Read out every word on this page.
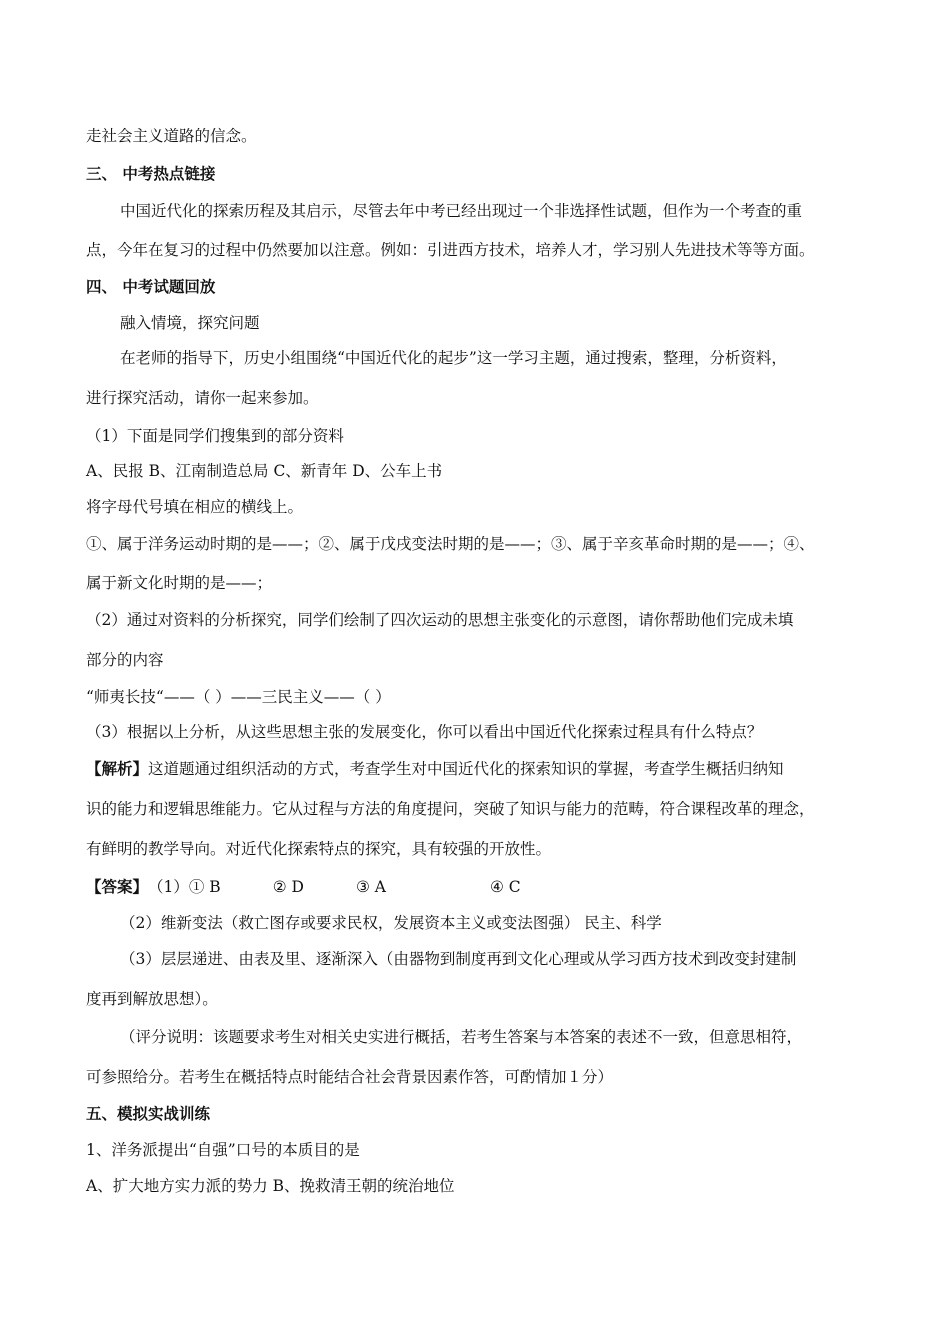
走社会主义道路的信念。
三、 中考热点链接
中国近代化的探索历程及其启示，尽管去年中考已经出现过一个非选择性试题，但作为一个考查的重
点，今年在复习的过程中仍然要加以注意。例如：引进西方技术，培养人才，学习别人先进技术等等方面。
四、 中考试题回放
融入情境，探究问题
在老师的指导下，历史小组围绕“中国近代化的起步”这一学习主题，通过搜索，整理，分析资料，
进行探究活动，请你一起来参加。
（1）下面是同学们搜集到的部分资料
A、民报 B、江南制造总局 C、新青年 D、公车上书
将字母代号填在相应的横线上。
①、属于洋务运动时期的是——；②、属于戊戌变法时期的是——；③、属于辛亥革命时期的是——；④、
属于新文化时期的是——；
（2）通过对资料的分析探究，同学们绘制了四次运动的思想主张变化的示意图，请你帮助他们完成未填
部分的内容
“师夷长技“——（ ）——三民主义——（ ）
（3）根据以上分析，从这些思想主张的发展变化，你可以看出中国近代化探索过程具有什么特点？
【解析】这道题通过组织活动的方式，考查学生对中国近代化的探索知识的掌握，考查学生概括归纳知
识的能力和逻辑思维能力。它从过程与方法的角度提问，突破了知识与能力的范畴，符合课程改革的理念，
有鲜明的教学导向。对近代化探索特点的探究，具有较强的开放性。
【答案】（1）① B	② D	③ A	④ C
（2）维新变法（救亡图存或要求民权，发展资本主义或变法图强） 民主、科学
（3）层层递进、由表及里、逐渐深入（由器物到制度再到文化心理或从学习西方技术到改变封建制
度再到解放思想）。
（评分说明：该题要求考生对相关史实进行概括，若考生答案与本答案的表述不一致，但意思相符，
可参照给分。若考生在概括特点时能结合社会背景因素作答，可酌情加１分）
五、模拟实战训练
1、洋务派提出“自强”口号的本质目的是
A、扩大地方实力派的势力 B、挽救清王朝的统治地位
